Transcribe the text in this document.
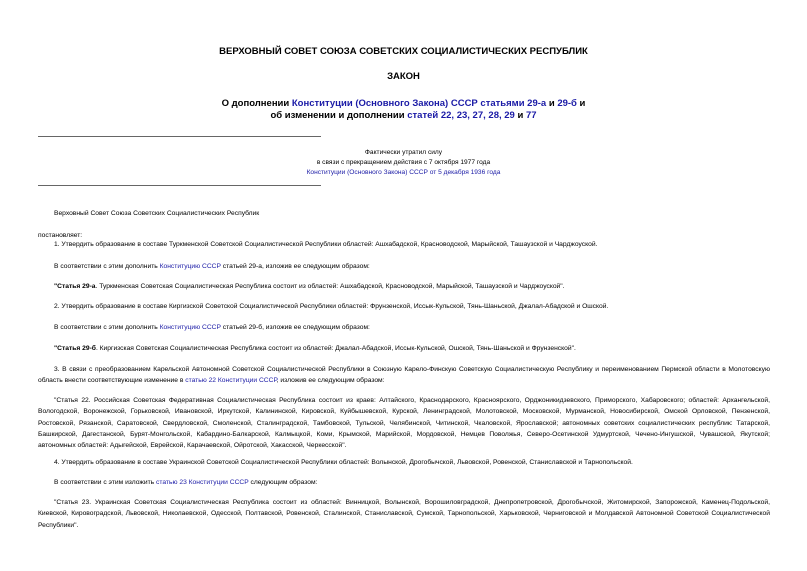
ВЕРХОВНЫЙ СОВЕТ СОЮЗА СОВЕТСКИХ СОЦИАЛИСТИЧЕСКИХ РЕСПУБЛИК
ЗАКОН
О дополнении Конституции (Основного Закона) СССР статьями 29-а и 29-б и
об изменении и дополнении статей 22, 23, 27, 28, 29 и 77
Фактически утратил силу
в связи с прекращением действия с 7 октября 1977 года
Конституции (Основного Закона) СССР от 5 декабря 1936 года
Верховный Совет Союза Советских Социалистических Республик
постановляет:
1. Утвердить образование в составе Туркменской Советской Социалистической Республики областей: Ашхабадской, Красноводской, Марыйской, Ташаузской и Чарджоуской.
В соответствии с этим дополнить Конституцию СССР статьей 29-а, изложив ее следующим образом:
"Статья 29-а. Туркменская Советская Социалистическая Республика состоит из областей: Ашхабадской, Красноводской, Марыйской, Ташаузской и Чарджоуской".
2. Утвердить образование в составе Киргизской Советской Социалистической Республики областей: Фрунзенской, Иссык-Кульской, Тянь-Шаньской, Джалал-Абадской и Ошской.
В соответствии с этим дополнить Конституцию СССР статьей 29-б, изложив ее следующим образом:
"Статья 29-б. Киргизская Советская Социалистическая Республика состоит из областей: Джалал-Абадской, Иссык-Кульской, Ошской, Тянь-Шаньской и Фрунзенской".
3. В связи с преобразованием Карельской Автономной Советской Социалистической Республики в Союзную Карело-Финскую Советскую Социалистическую Республику и переименованием Пермской области в Молотовскую область внести соответствующие изменение в статью 22 Конституции СССР, изложив ее следующим образом:
"Статья 22. Российская Советская Федеративная Социалистическая Республика состоит из краев: Алтайского, Краснодарского, Красноярского, Орджоникидзевского, Приморского, Хабаровского; областей: Архангельской, Вологодской, Воронежской, Горьковской, Ивановской, Иркутской, Калининской, Кировской, Куйбышевской, Курской, Ленинградской, Молотовской, Московской, Мурманской, Новосибирской, Омской Орловской, Пензенской, Ростовской, Рязанской, Саратовской, Свердловской, Смоленской, Сталинградской, Тамбовской, Тульской, Челябинской, Читинской, Чкаловской, Ярославской; автономных советских социалистических республик: Татарской, Башкирской, Дагестанской, Бурят-Монгольской, Кабардино-Балкарской, Калмыцкой, Коми, Крымской, Марийской, Мордовской, Немцев Поволжья, Северо-Осетинской Удмуртской, Чечено-Ингушской, Чувашской, Якутской; автономных областей: Адыгейской, Еврейской, Карачаевской, Ойротской, Хакасской, Черкесской".
4. Утвердить образование в составе Украинской Советской Социалистической Республики областей: Волынской, Дрогобычской, Львовской, Ровенской, Станиславской и Тарнопольской.
В соответствии с этим изложить статью 23 Конституции СССР следующим образом:
"Статья 23. Украинская Советская Социалистическая Республика состоит из областей: Винницкой, Волынской, Ворошиловградской, Днепропетровской, Дрогобычской, Житомирской, Запорожской, Каменец-Подольской, Киевской, Кировоградской, Львовской, Николаевской, Одесской, Полтавской, Ровенской, Сталинской, Станиславской, Сумской, Тарнопольской, Харьковской, Черниговской и Молдавской Автономной Советской Социалистической Республики".
